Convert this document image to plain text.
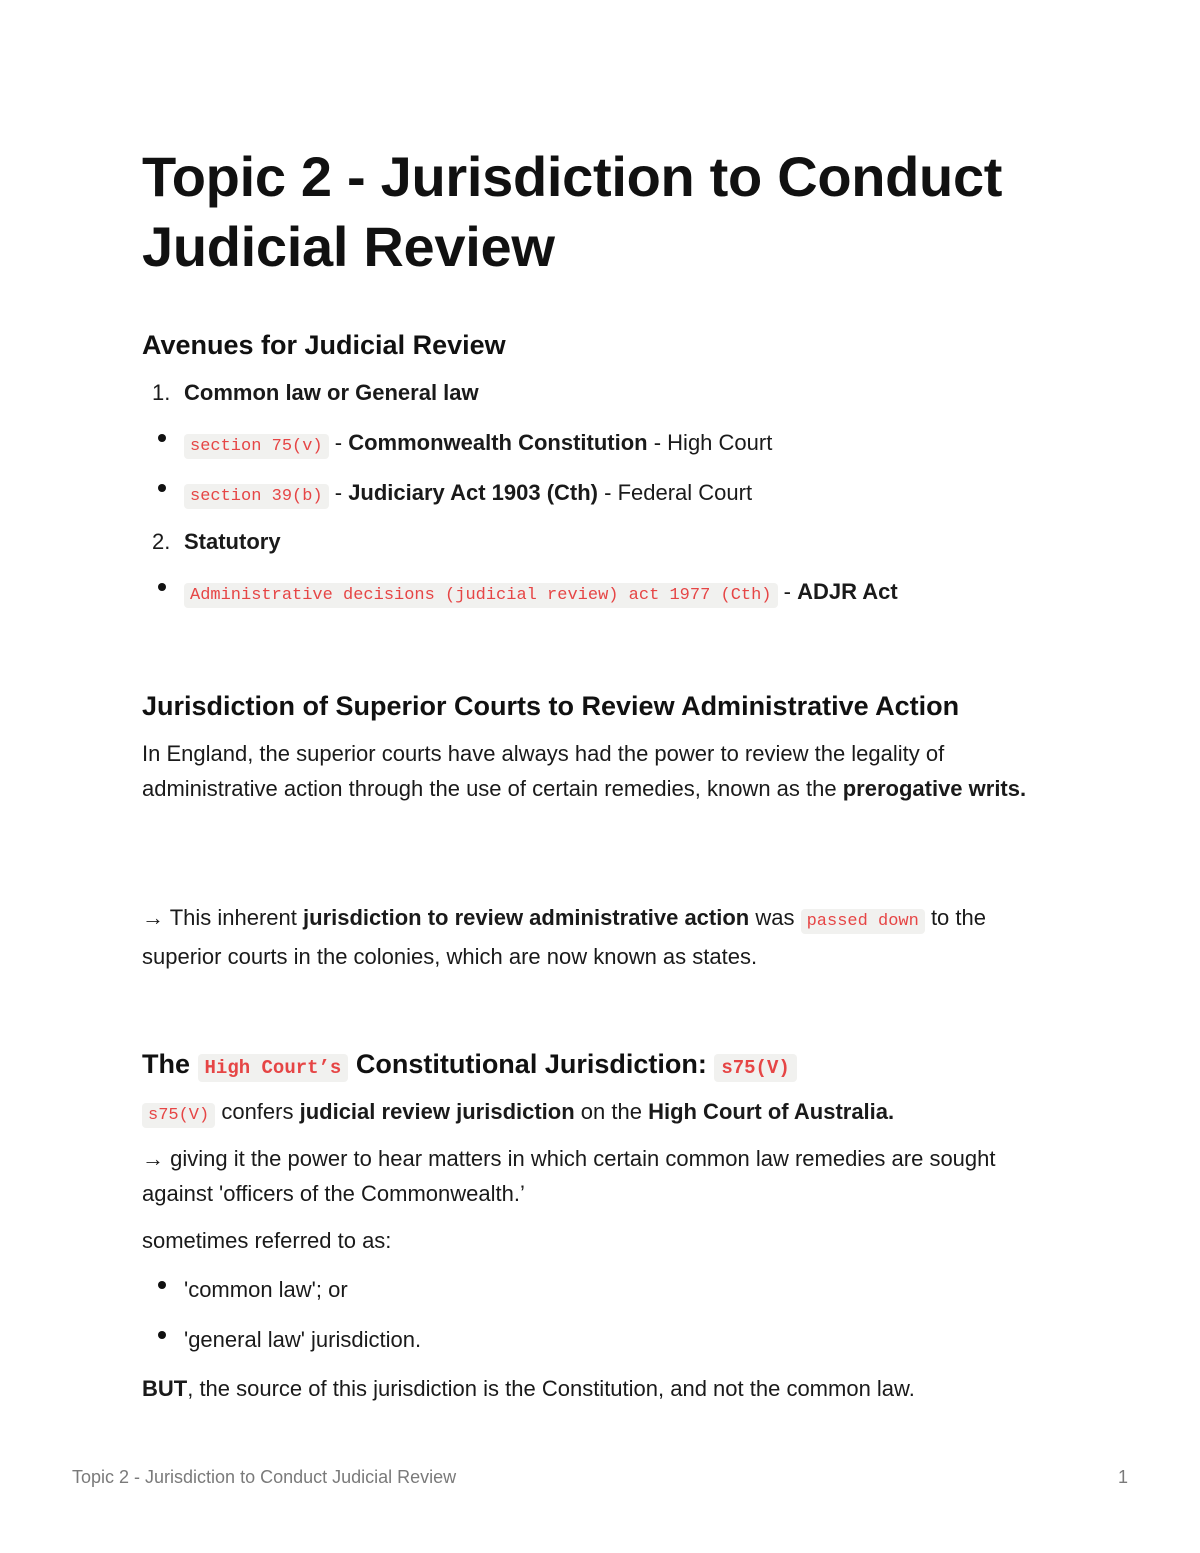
Topic 2 - Jurisdiction to Conduct Judicial Review
Avenues for Judicial Review
1. Common law or General law
section 75(v) - Commonwealth Constitution - High Court
section 39(b) - Judiciary Act 1903 (Cth) - Federal Court
2. Statutory
Administrative decisions (judicial review) act 1977 (Cth) - ADJR Act
Jurisdiction of Superior Courts to Review Administrative Action

In England, the superior courts have always had the power to review the legality of administrative action through the use of certain remedies, known as the prerogative writs.

→ This inherent jurisdiction to review administrative action was passed down to the superior courts in the colonies, which are now known as states.

The High Court’s Constitutional Jurisdiction: s75(V)
s75(V) confers judicial review jurisdiction on the High Court of Australia.

→ giving it the power to hear matters in which certain common law remedies are sought against 'officers of the Commonwealth.’

sometimes referred to as:
'common law'; or
'general law' jurisdiction.
BUT, the source of this jurisdiction is the Constitution, and not the common law.
Topic 2 - Jurisdiction to Conduct Judicial Review	1
